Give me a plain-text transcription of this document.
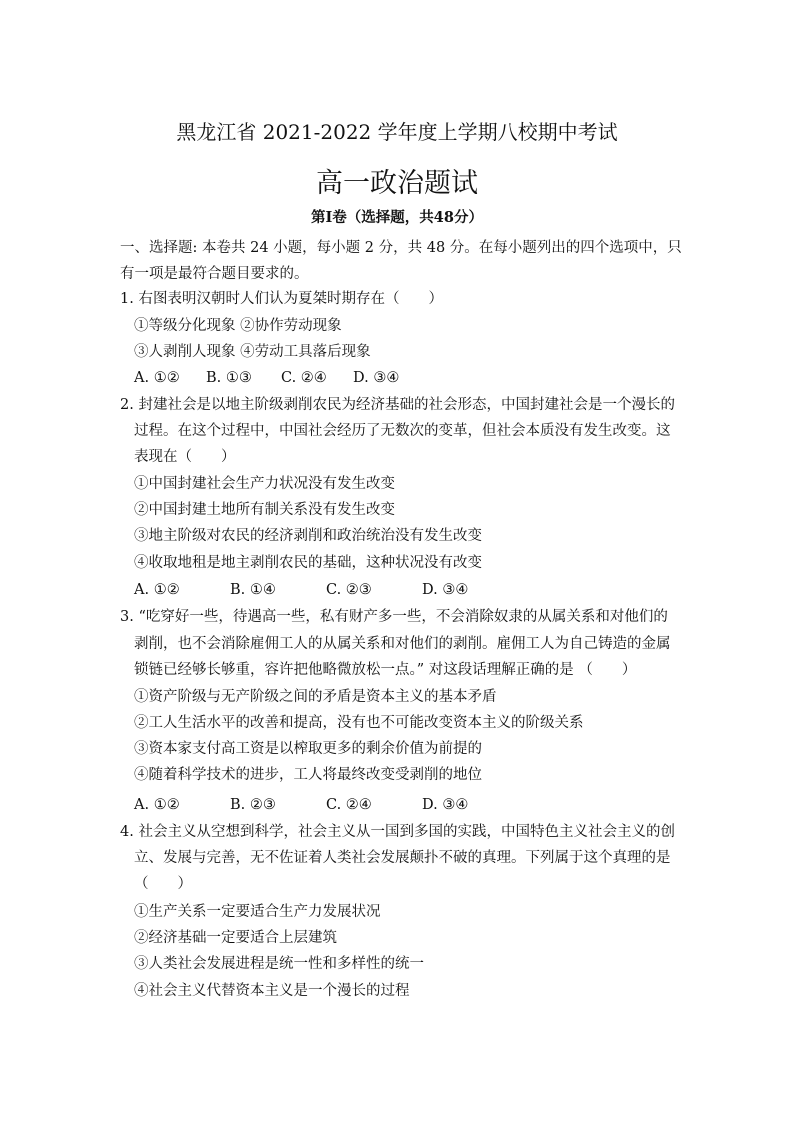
黑龙江省 2021-2022 学年度上学期八校期中考试
高一政治题试
第Ⅰ卷（选择题，共48分）
一、选择题: 本卷共 24 小题，每小题 2 分，共 48 分。在每小题列出的四个选项中，只
有一项是最符合题目要求的。
1. 右图表明汉朝时人们认为夏桀时期存在（　　）
①等级分化现象 ②协作劳动现象
③人剥削人现象 ④劳动工具落后现象
A. ①② B. ①③ C. ②④ D. ③④
2. 封建社会是以地主阶级剥削农民为经济基础的社会形态，中国封建社会是一个漫长的
过程。在这个过程中，中国社会经历了无数次的变革，但社会本质没有发生改变。这
表现在（　　）
①中国封建社会生产力状况没有发生改变
②中国封建土地所有制关系没有发生改变
③地主阶级对农民的经济剥削和政治统治没有发生改变
④收取地租是地主剥削农民的基础，这种状况没有改变
A. ①②	B. ①④	C. ②③	D. ③④
3. “吃穿好一些，待遇高一些，私有财产多一些，不会消除奴隶的从属关系和对他们的
剥削，也不会消除雇佣工人的从属关系和对他们的剥削。雇佣工人为自己铸造的金属
锁链已经够长够重，容许把他略微放松一点。” 对这段话理解正确的是 （　　）
①资产阶级与无产阶级之间的矛盾是资本主义的基本矛盾
②工人生活水平的改善和提高，没有也不可能改变资本主义的阶级关系
③资本家支付高工资是以榨取更多的剩余价值为前提的
④随着科学技术的进步，工人将最终改变受剥削的地位
A. ①②	B. ②③	C. ②④	D. ③④
4. 社会主义从空想到科学，社会主义从一国到多国的实践，中国特色主义社会主义的创
立、发展与完善，无不佐证着人类社会发展颠扑不破的真理。下列属于这个真理的是
（　　）
①生产关系一定要适合生产力发展状况
②经济基础一定要适合上层建筑
③人类社会发展进程是统一性和多样性的统一
④社会主义代替资本主义是一个漫长的过程
